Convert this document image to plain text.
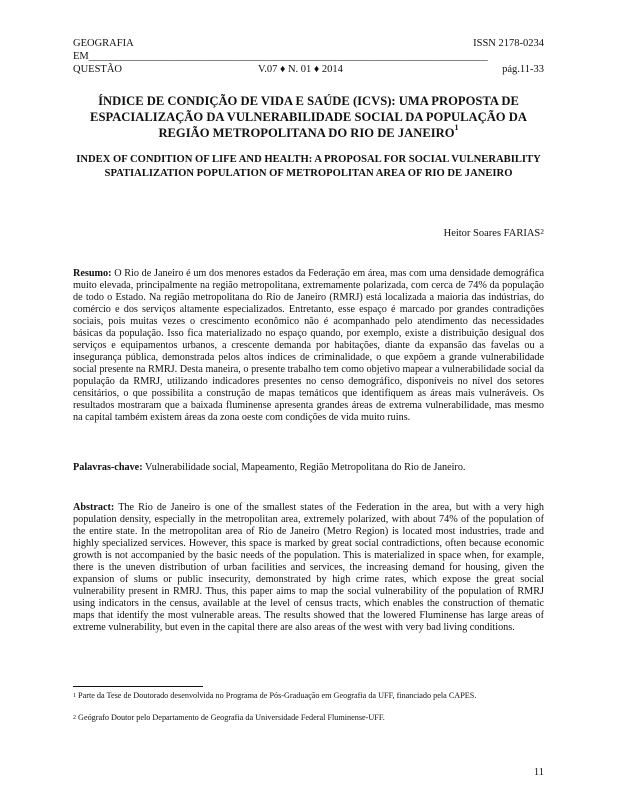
GEOGRAFIA	ISSN 2178-0234
EM____________________________________________________________________________
QUESTÃO	V.07 ♦ N. 01 ♦ 2014	pág.11-33
ÍNDICE DE CONDIÇÃO DE VIDA E SAÚDE (ICVS): UMA PROPOSTA DE ESPACIALIZAÇÃO DA VULNERABILIDADE SOCIAL DA POPULAÇÃO DA REGIÃO METROPOLITANA DO RIO DE JANEIRO$^1$
INDEX OF CONDITION OF LIFE AND HEALTH: A PROPOSAL FOR SOCIAL VULNERABILITY SPATIALIZATION POPULATION OF METROPOLITAN AREA OF RIO DE JANEIRO
Heitor Soares FARIAS$^2$
Resumo: O Rio de Janeiro é um dos menores estados da Federação em área, mas com uma densidade demográfica muito elevada, principalmente na região metropolitana, extremamente polarizada, com cerca de 74% da população de todo o Estado. Na região metropolitana do Rio de Janeiro (RMRJ) está localizada a maioria das indústrias, do comércio e dos serviços altamente especializados. Entretanto, esse espaço é marcado por grandes contradições sociais, pois muitas vezes o crescimento econômico não é acompanhado pelo atendimento das necessidades básicas da população. Isso fica materializado no espaço quando, por exemplo, existe a distribuição desigual dos serviços e equipamentos urbanos, a crescente demanda por habitações, diante da expansão das favelas ou a insegurança pública, demonstrada pelos altos índices de criminalidade, o que expõem a grande vulnerabilidade social presente na RMRJ. Desta maneira, o presente trabalho tem como objetivo mapear a vulnerabilidade social da população da RMRJ, utilizando indicadores presentes no censo demográfico, disponíveis no nível dos setores censitários, o que possibilita a construção de mapas temáticos que identifiquem as áreas mais vulneráveis. Os resultados mostraram que a baixada fluminense apresenta grandes áreas de extrema vulnerabilidade, mas mesmo na capital também existem áreas da zona oeste com condições de vida muito ruins.
Palavras-chave: Vulnerabilidade social, Mapeamento, Região Metropolitana do Rio de Janeiro.
Abstract: The Rio de Janeiro is one of the smallest states of the Federation in the area, but with a very high population density, especially in the metropolitan area, extremely polarized, with about 74% of the population of the entire state. In the metropolitan area of Rio de Janeiro (Metro Region) is located most industries, trade and highly specialized services. However, this space is marked by great social contradictions, often because economic growth is not accompanied by the basic needs of the population. This is materialized in space when, for example, there is the uneven distribution of urban facilities and services, the increasing demand for housing, given the expansion of slums or public insecurity, demonstrated by high crime rates, which expose the great social vulnerability present in RMRJ. Thus, this paper aims to map the social vulnerability of the population of RMRJ using indicators in the census, available at the level of census tracts, which enables the construction of thematic maps that identify the most vulnerable areas. The results showed that the lowered Fluminense has large areas of extreme vulnerability, but even in the capital there are also areas of the west with very bad living conditions.
$^1$ Parte da Tese de Doutorado desenvolvida no Programa de Pós-Graduação em Geografia da UFF, financiado pela CAPES.
$^2$ Geógrafo Doutor pelo Departamento de Geografia da Universidade Federal Fluminense-UFF.
11
